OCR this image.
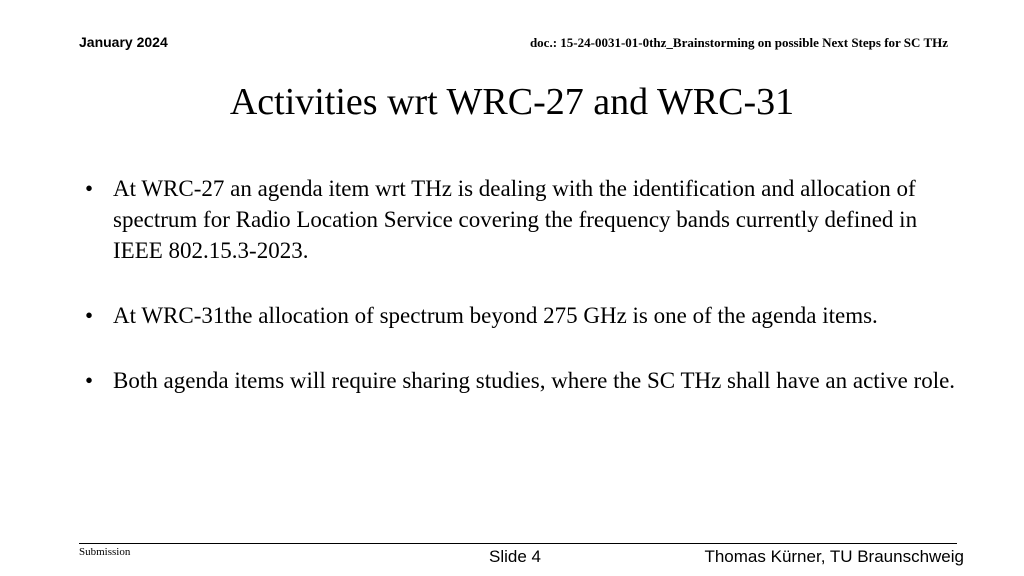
January 2024	doc.: 15-24-0031-01-0thz_Brainstorming on possible Next Steps for SC THz
Activities wrt WRC-27 and WRC-31
• At WRC-27 an agenda item wrt THz is dealing with the identification and allocation of spectrum for Radio Location Service covering the frequency bands currently defined in IEEE 802.15.3-2023.
• At WRC-31the allocation of spectrum beyond 275 GHz is one of the agenda items.
• Both agenda items will require sharing studies, where the SC THz shall have an active role.
Submission	Slide 4	Thomas Kürner, TU Braunschweig
